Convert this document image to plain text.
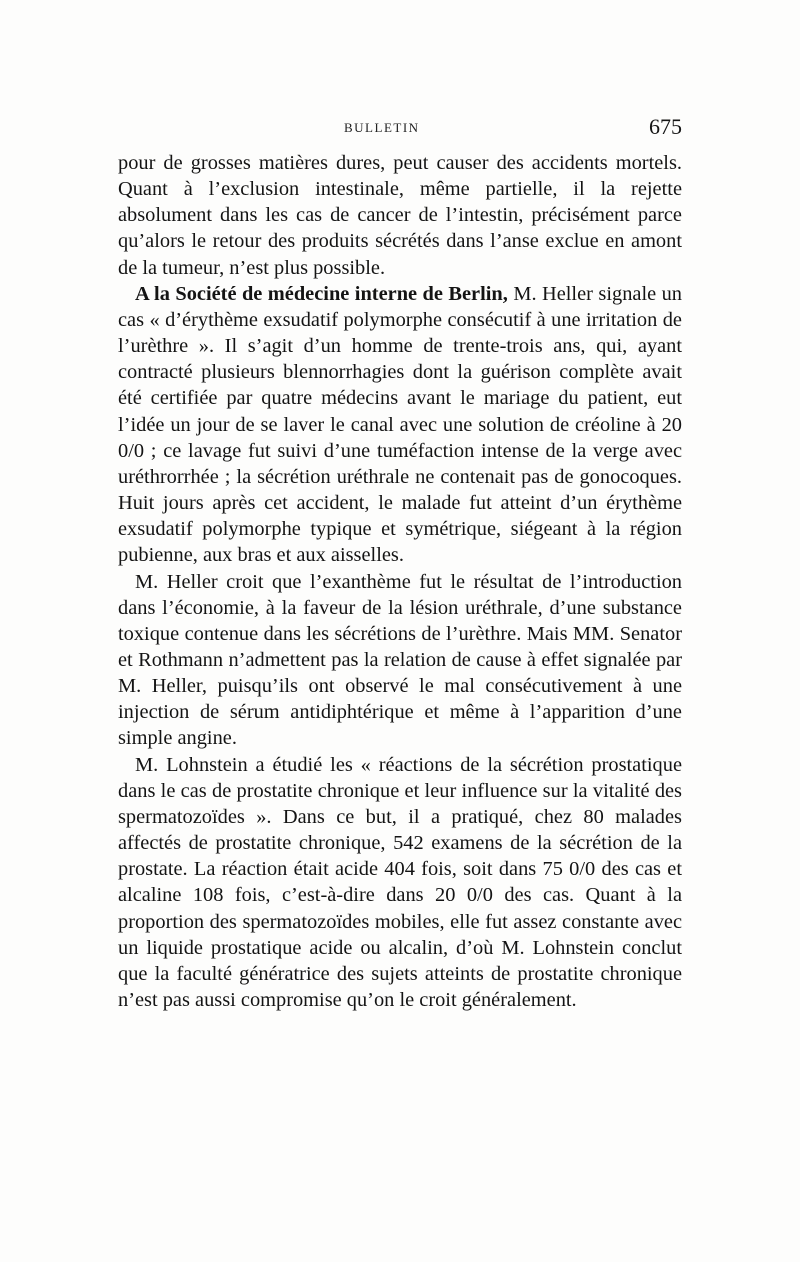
BULLETIN	675

pour de grosses matières dures, peut causer des accidents mortels. Quant à l’exclusion intestinale, même partielle, il la rejette absolument dans les cas de cancer de l’intestin, précisément parce qu’alors le retour des produits sécrétés dans l’anse exclue en amont de la tumeur, n’est plus possible.

A la Société de médecine interne de Berlin, M. Heller signale un cas « d’érythème exsudatif polymorphe consécutif à une irritation de l’urèthre ». Il s’agit d’un homme de trente-trois ans, qui, ayant contracté plusieurs blennorrhagies dont la guérison complète avait été certifiée par quatre médecins avant le mariage du patient, eut l’idée un jour de se laver le canal avec une solution de créoline à 20 0/0 ; ce lavage fut suivi d’une tuméfaction intense de la verge avec uréthrorrhée ; la sécrétion uréthrale ne contenait pas de gonocoques. Huit jours après cet accident, le malade fut atteint d’un érythème exsudatif polymorphe typique et symétrique, siégeant à la région pubienne, aux bras et aux aisselles.

M. Heller croit que l’exanthème fut le résultat de l’introduction dans l’économie, à la faveur de la lésion uréthrale, d’une substance toxique contenue dans les sécrétions de l’urèthre. Mais MM. Senator et Rothmann n’admettent pas la relation de cause à effet signalée par M. Heller, puisqu’ils ont observé le mal consécutivement à une injection de sérum antidiphtérique et même à l’apparition d’une simple angine.

M. Lohnstein a étudié les « réactions de la sécrétion prostatique dans le cas de prostatite chronique et leur influence sur la vitalité des spermatozoïdes ». Dans ce but, il a pratiqué, chez 80 malades affectés de prostatite chronique, 542 examens de la sécrétion de la prostate. La réaction était acide 404 fois, soit dans 75 0/0 des cas et alcaline 108 fois, c’est-à-dire dans 20 0/0 des cas. Quant à la proportion des spermatozoïdes mobiles, elle fut assez constante avec un liquide prostatique acide ou alcalin, d’où M. Lohnstein conclut que la faculté génératrice des sujets atteints de prostatite chronique n’est pas aussi compromise qu’on le croit généralement.
